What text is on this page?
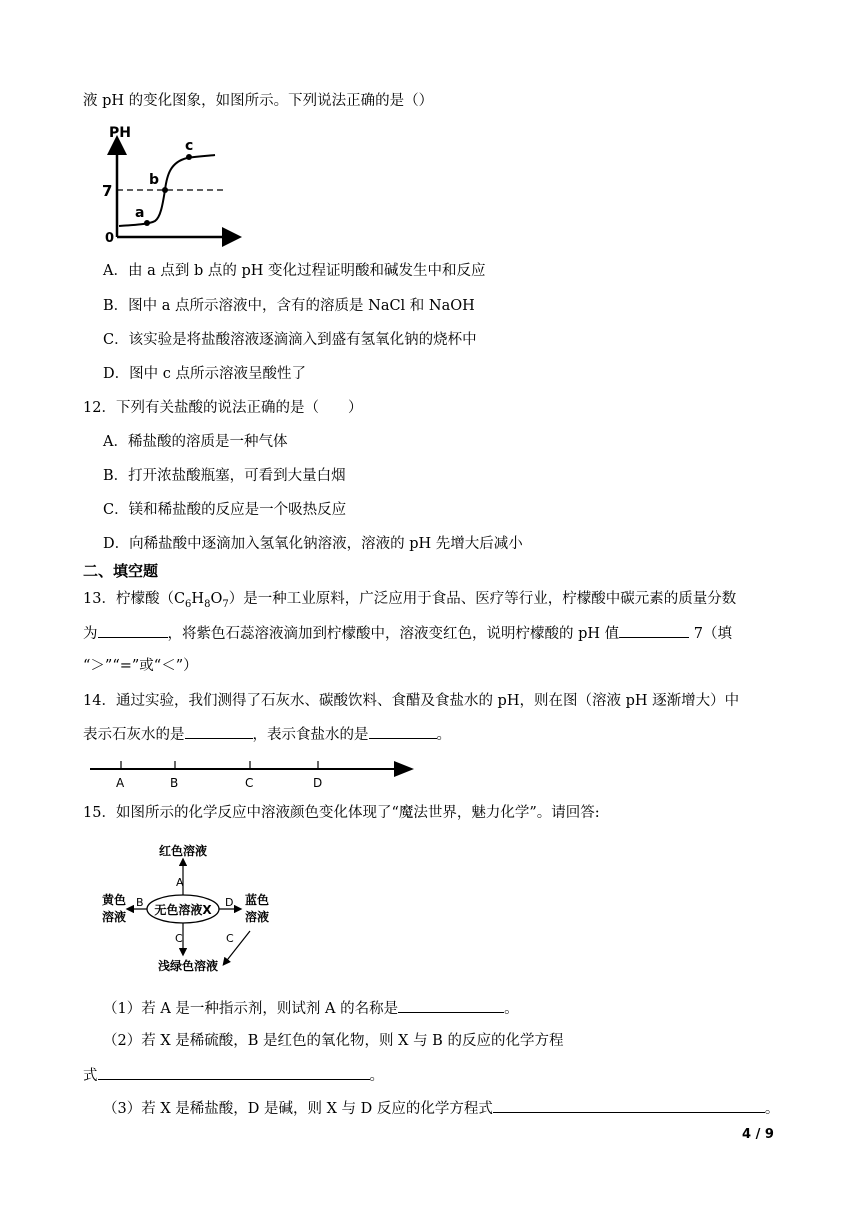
液 pH 的变化图象，如图所示。下列说法正确的是（）
PH
0
7
a
b
c
A．由 a 点到 b 点的 pH 变化过程证明酸和碱发生中和反应
B．图中 a 点所示溶液中，含有的溶质是 NaCl 和 NaOH
C．该实验是将盐酸溶液逐滴滴入到盛有氢氧化钠的烧杯中
D．图中 c 点所示溶液呈酸性了
12．下列有关盐酸的说法正确的是（　　）
A．稀盐酸的溶质是一种气体
B．打开浓盐酸瓶塞，可看到大量白烟
C．镁和稀盐酸的反应是一个吸热反应
D．向稀盐酸中逐滴加入氢氧化钠溶液，溶液的 pH 先增大后减小
二、填空题
13．柠檬酸$(C_6H_8O_7)$是一种工业原料，广泛应用于食品、医疗等行业，柠檬酸中碳元素的质量分数
为	，将紫色石蕊溶液滴加到柠檬酸中，溶液变红色，说明柠檬酸的 pH 值	7（填
“＞”“=”或“＜”）
14．通过实验，我们测得了石灰水、碳酸饮料、食醋及食盐水的 pH，则在图（溶液 pH 逐渐增大）中
表示石灰水的是	，表示食盐水的是	。
A	B	C	D
15．如图所示的化学反应中溶液颜色变化体现了“魔法世界，魅力化学”。请回答:
无色溶液X
红色溶液
A
B
黄色
溶液
D 蓝色
溶液
C	C
浅绿色溶液
（1）若 A 是一种指示剂，则试剂 A 的名称是	。
（2）若 X 是稀硫酸，B 是红色的氧化物，则 X 与 B 的反应的化学方程
式	。
（3）若 X 是稀盐酸，D 是碱，则 X 与 D 反应的化学方程式	。
4 / 9
